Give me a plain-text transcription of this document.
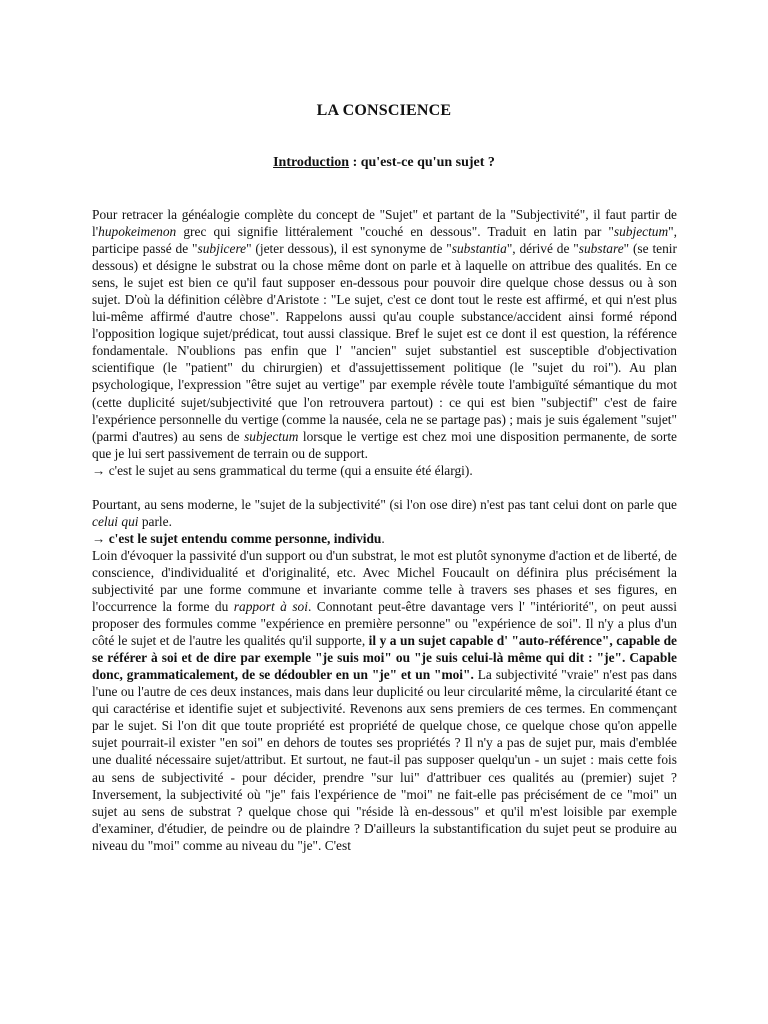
LA CONSCIENCE
Introduction : qu'est-ce qu'un sujet ?

Pour retracer la généalogie complète du concept de "Sujet" et partant de la "Subjectivité", il faut partir de l'hupokeimenon grec qui signifie littéralement "couché en dessous". Traduit en latin par "subjectum", participe passé de "subjicere" (jeter dessous), il est synonyme de "substantia", dérivé de "substare" (se tenir dessous) et désigne le substrat ou la chose même dont on parle et à laquelle on attribue des qualités. En ce sens, le sujet est bien ce qu'il faut supposer en-dessous pour pouvoir dire quelque chose dessus ou à son sujet. D'où la définition célèbre d'Aristote : "Le sujet, c'est ce dont tout le reste est affirmé, et qui n'est plus lui-même affirmé d'autre chose". Rappelons aussi qu'au couple substance/accident ainsi formé répond l'opposition logique sujet/prédicat, tout aussi classique. Bref le sujet est ce dont il est question, la référence fondamentale. N'oublions pas enfin que l' "ancien" sujet substantiel est susceptible d'objectivation scientifique (le "patient" du chirurgien) et d'assujettissement politique (le "sujet du roi"). Au plan psychologique, l'expression "être sujet au vertige" par exemple révèle toute l'ambiguïté sémantique du mot (cette duplicité sujet/subjectivité que l'on retrouvera partout) : ce qui est bien "subjectif" c'est de faire l'expérience personnelle du vertige (comme la nausée, cela ne se partage pas) ; mais je suis également "sujet" (parmi d'autres) au sens de subjectum lorsque le vertige est chez moi une disposition permanente, de sorte que je lui sert passivement de terrain ou de support.

→ c'est le sujet au sens grammatical du terme (qui a ensuite été élargi).

Pourtant, au sens moderne, le "sujet de la subjectivité" (si l'on ose dire) n'est pas tant celui dont on parle que celui qui parle.

→ c'est le sujet entendu comme personne, individu.

Loin d'évoquer la passivité d'un support ou d'un substrat, le mot est plutôt synonyme d'action et de liberté, de conscience, d'individualité et d'originalité, etc. Avec Michel Foucault on définira plus précisément la subjectivité par une forme commune et invariante comme telle à travers ses phases et ses figures, en l'occurrence la forme du rapport à soi. Connotant peut-être davantage vers l' "intériorité", on peut aussi proposer des formules comme "expérience en première personne" ou "expérience de soi". Il n'y a plus d'un côté le sujet et de l'autre les qualités qu'il supporte, il y a un sujet capable d' "auto-référence", capable de se référer à soi et de dire par exemple "je suis moi" ou "je suis celui-là même qui dit : "je". Capable donc, grammaticalement, de se dédoubler en un "je" et un "moi". La subjectivité "vraie" n'est pas dans l'une ou l'autre de ces deux instances, mais dans leur duplicité ou leur circularité même, la circularité étant ce qui caractérise et identifie sujet et subjectivité. Revenons aux sens premiers de ces termes. En commençant par le sujet. Si l'on dit que toute propriété est propriété de quelque chose, ce quelque chose qu'on appelle sujet pourrait-il exister "en soi" en dehors de toutes ses propriétés ? Il n'y a pas de sujet pur, mais d'emblée une dualité nécessaire sujet/attribut. Et surtout, ne faut-il pas supposer quelqu'un - un sujet : mais cette fois au sens de subjectivité - pour décider, prendre "sur lui" d'attribuer ces qualités au (premier) sujet ? Inversement, la subjectivité où "je" fais l'expérience de "moi" ne fait-elle pas précisément de ce "moi" un sujet au sens de substrat ? quelque chose qui "réside là en-dessous" et qu'il m'est loisible par exemple d'examiner, d'étudier, de peindre ou de plaindre ? D'ailleurs la substantification du sujet peut se produire au niveau du "moi" comme au niveau du "je". C'est
